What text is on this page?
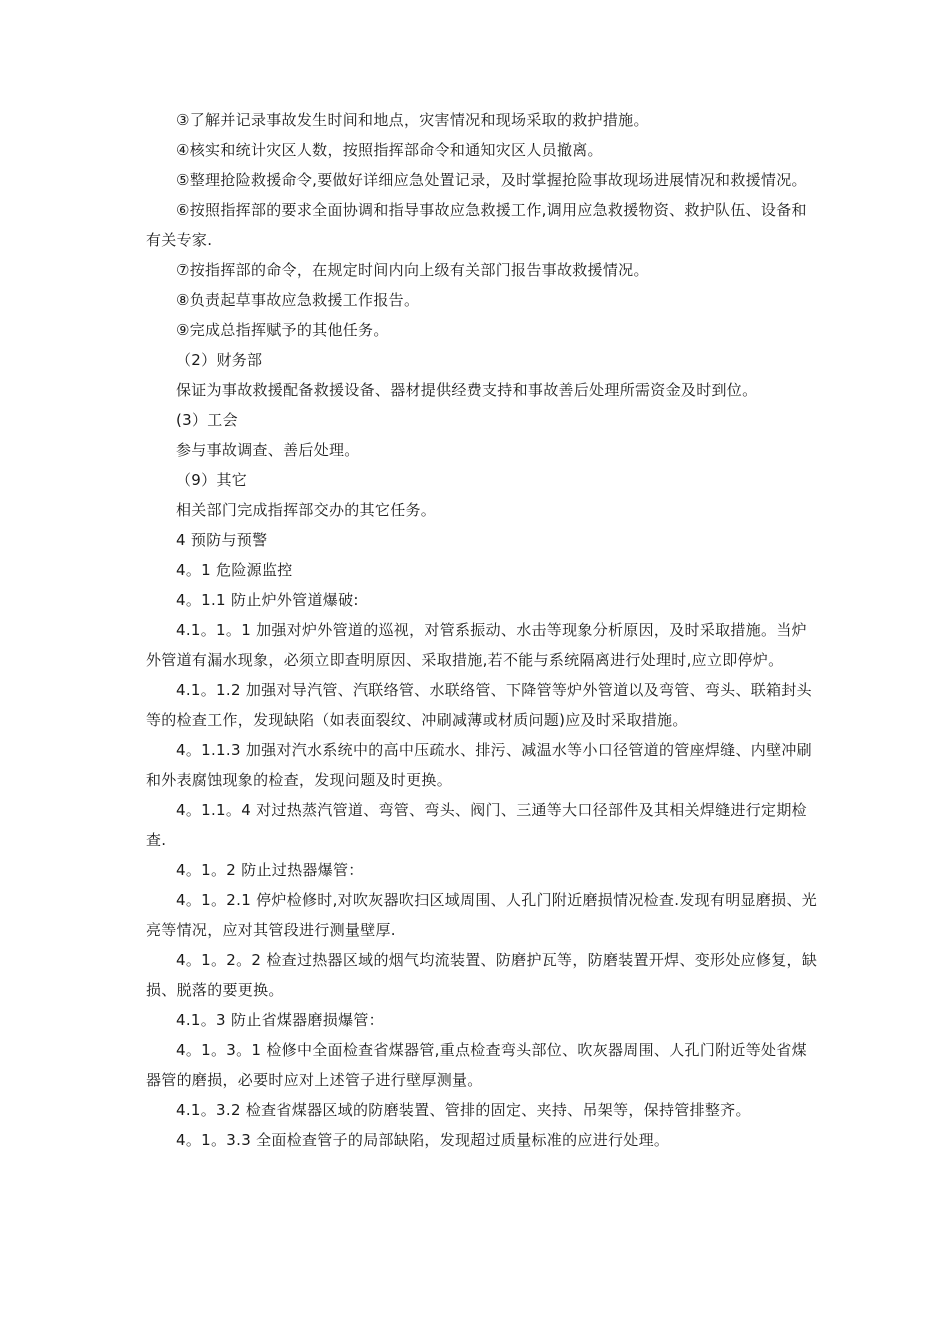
③了解并记录事故发生时间和地点，灾害情况和现场采取的救护措施。

④核实和统计灾区人数，按照指挥部命令和通知灾区人员撤离。

⑤整理抢险救援命令,要做好详细应急处置记录，及时掌握抢险事故现场进展情况和救援情况。

⑥按照指挥部的要求全面协调和指导事故应急救援工作,调用应急救援物资、救护队伍、设备和有关专家.

⑦按指挥部的命令，在规定时间内向上级有关部门报告事故救援情况。

⑧负责起草事故应急救援工作报告。

⑨完成总指挥赋予的其他任务。

（2）财务部

保证为事故救援配备救援设备、器材提供经费支持和事故善后处理所需资金及时到位。

(3）工会

参与事故调查、善后处理。

（9）其它

相关部门完成指挥部交办的其它任务。

4 预防与预警

4。1 危险源监控

4。1.1 防止炉外管道爆破:

4.1。1。1 加强对炉外管道的巡视，对管系振动、水击等现象分析原因，及时采取措施。当炉外管道有漏水现象，必须立即查明原因、采取措施,若不能与系统隔离进行处理时,应立即停炉。

4.1。1.2 加强对导汽管、汽联络管、水联络管、下降管等炉外管道以及弯管、弯头、联箱封头等的检查工作，发现缺陷（如表面裂纹、冲刷减薄或材质问题)应及时采取措施。

4。1.1.3 加强对汽水系统中的高中压疏水、排污、减温水等小口径管道的管座焊缝、内壁冲刷和外表腐蚀现象的检查，发现问题及时更换。

4。1.1。4 对过热蒸汽管道、弯管、弯头、阀门、三通等大口径部件及其相关焊缝进行定期检查.

4。1。2 防止过热器爆管：

4。1。2.1 停炉检修时,对吹灰器吹扫区域周围、人孔门附近磨损情况检查.发现有明显磨损、光亮等情况，应对其管段进行测量壁厚.

4。1。2。2 检查过热器区域的烟气均流装置、防磨护瓦等，防磨装置开焊、变形处应修复，缺损、脱落的要更换。

4.1。3 防止省煤器磨损爆管：

4。1。3。1 检修中全面检查省煤器管,重点检查弯头部位、吹灰器周围、人孔门附近等处省煤器管的磨损，必要时应对上述管子进行壁厚测量。

4.1。3.2 检查省煤器区域的防磨装置、管排的固定、夹持、吊架等，保持管排整齐。

4。1。3.3 全面检查管子的局部缺陷，发现超过质量标准的应进行处理。
